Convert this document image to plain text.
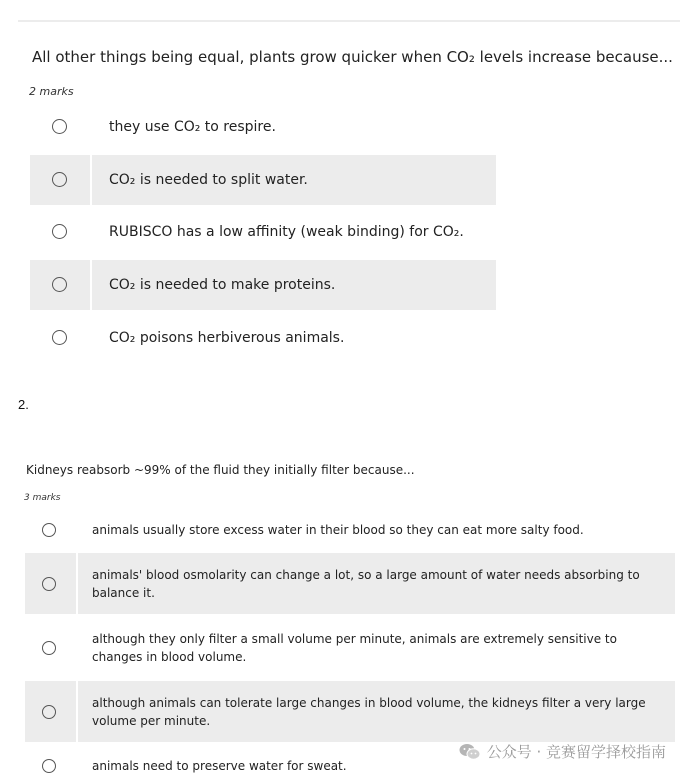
All other things being equal, plants grow quicker when CO₂ levels increase because...
2 marks
they use CO₂ to respire.
CO₂ is needed to split water.
RUBISCO has a low affinity (weak binding) for CO₂.
CO₂ is needed to make proteins.
CO₂ poisons herbiverous animals.
2.
Kidneys reabsorb ~99% of the fluid they initially filter because...
3 marks
animals usually store excess water in their blood so they can eat more salty food.
animals' blood osmolarity can change a lot, so a large amount of water needs absorbing to balance it.
although they only filter a small volume per minute, animals are extremely sensitive to changes in blood volume.
although animals can tolerate large changes in blood volume, the kidneys filter a very large volume per minute.
animals need to preserve water for sweat.
公众号 · 竞赛留学择校指南
